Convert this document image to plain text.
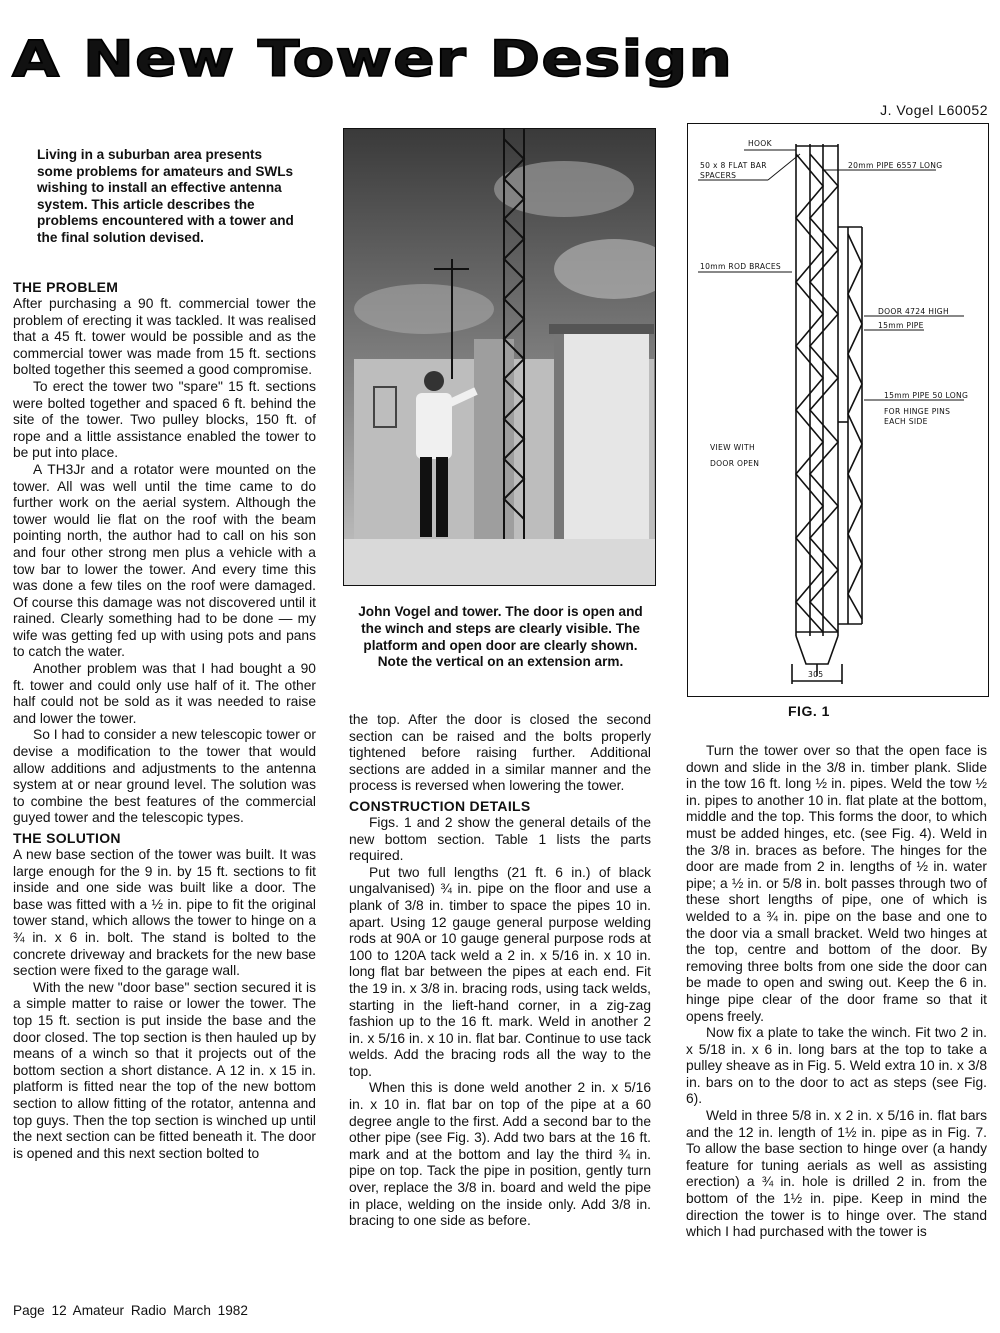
A New Tower Design
J. Vogel L60052
Living in a suburban area presents some problems for amateurs and SWLs wishing to install an effective antenna system. This article describes the problems encountered with a tower and the final solution devised.
THE PROBLEM

After purchasing a 90 ft. commercial tower the problem of erecting it was tackled. It was realised that a 45 ft. tower would be possible and as the commercial tower was made from 15 ft. sections bolted together this seemed a good compromise.

To erect the tower two "spare" 15 ft. sections were bolted together and spaced 6 ft. behind the site of the tower. Two pulley blocks, 150 ft. of rope and a little assistance enabled the tower to be put into place.

A TH3Jr and a rotator were mounted on the tower. All was well until the time came to do further work on the aerial system. Although the tower would lie flat on the roof with the beam pointing north, the author had to call on his son and four other strong men plus a vehicle with a tow bar to lower the tower. And every time this was done a few tiles on the roof were damaged. Of course this damage was not discovered until it rained. Clearly something had to be done — my wife was getting fed up with using pots and pans to catch the water.

Another problem was that I had bought a 90 ft. tower and could only use half of it. The other half could not be sold as it was needed to raise and lower the tower.

So I had to consider a new telescopic tower or devise a modification to the tower that would allow additions and adjustments to the antenna system at or near ground level. The solution was to combine the best features of the commercial guyed tower and the telescopic types.

THE SOLUTION

A new base section of the tower was built. It was large enough for the 9 in. by 15 ft. sections to fit inside and one side was built like a door. The base was fitted with a ½ in. pipe to fit the original tower stand, which allows the tower to hinge on a ¾ in. x 6 in. bolt. The stand is bolted to the concrete driveway and brackets for the new base section were fixed to the garage wall.

With the new "door base" section secured it is a simple matter to raise or lower the tower. The top 15 ft. section is put inside the base and the door closed. The top section is then hauled up by means of a winch so that it projects out of the bottom section a short distance. A 12 in. x 15 in. platform is fitted near the top of the new bottom section to allow fitting of the rotator, antenna and top guys. Then the top section is winched up until the next section can be fitted beneath it. The door is opened and this next section bolted to

John Vogel and tower. The door is open and the winch and steps are clearly visible. The platform and open door are clearly shown. Note the vertical on an extension arm.

the top. After the door is closed the second section can be raised and the bolts properly tightened before raising further. Additional sections are added in a similar manner and the process is reversed when lowering the tower.

CONSTRUCTION DETAILS

Figs. 1 and 2 show the general details of the new bottom section. Table 1 lists the parts required.

Put two full lengths (21 ft. 6 in.) of black ungalvanised) ¾ in. pipe on the floor and use a plank of 3/8 in. timber to space the pipes 10 in. apart. Using 12 gauge general purpose welding rods at 90A or 10 gauge general purpose rods at 100 to 120A tack weld a 2 in. x 5/16 in. x 10 in. long flat bar between the pipes at each end. Fit the 19 in. x 3/8 in. bracing rods, using tack welds, starting in the lieft-hand corner, in a zig-zag fashion up to the 16 ft. mark. Weld in another 2 in. x 5/16 in. x 10 in. flat bar. Continue to use tack welds. Add the bracing rods all the way to the top.

When this is done weld another 2 in. x 5/16 in. x 10 in. flat bar on top of the pipe at a 60 degree angle to the first. Add a second bar to the other pipe (see Fig. 3). Add two bars at the 16 ft. mark and at the bottom and lay the third ¾ in. pipe on top. Tack the pipe in position, gently turn over, replace the 3/8 in. board and weld the pipe in place, welding on the inside only. Add 3/8 in. bracing to one side as before.

HOOK
50 x 8 FLAT BAR
SPACERS
20mm PIPE 6557 LONG
10mm ROD BRACES
DOOR 4724 HIGH
15mm PIPE
15mm PIPE 50 LONG
FOR HINGE PINS
EACH SIDE
VIEW WITH
DOOR OPEN
305
FIG. 1

Turn the tower over so that the open face is down and slide in the 3/8 in. timber plank. Slide in the tow 16 ft. long ½ in. pipes. Weld the tow ½ in. pipes to another 10 in. flat plate at the bottom, middle and the top. This forms the door, to which must be added hinges, etc. (see Fig. 4). Weld in the 3/8 in. braces as before. The hinges for the door are made from 2 in. lengths of ½ in. water pipe; a ½ in. or 5/8 in. bolt passes through two of these short lengths of pipe, one of which is welded to a ¾ in. pipe on the base and one to the door via a small bracket. Weld two hinges at the top, centre and bottom of the door. By removing three bolts from one side the door can be made to open and swing out. Keep the 6 in. hinge pipe clear of the door frame so that it opens freely.

Now fix a plate to take the winch. Fit two 2 in. x 5/18 in. x 6 in. long bars at the top to take a pulley sheave as in Fig. 5. Weld extra 10 in. x 3/8 in. bars on to the door to act as steps (see Fig. 6).

Weld in three 5/8 in. x 2 in. x 5/16 in. flat bars and the 12 in. length of 1½ in. pipe as in Fig. 7. To allow the base section to hinge over (a handy feature for tuning aerials as well as assisting erection) a ¾ in. hole is drilled 2 in. from the bottom of the 1½ in. pipe. Keep in mind the direction the tower is to hinge over. The stand which I had purchased with the tower is

Page 12 Amateur Radio March 1982
